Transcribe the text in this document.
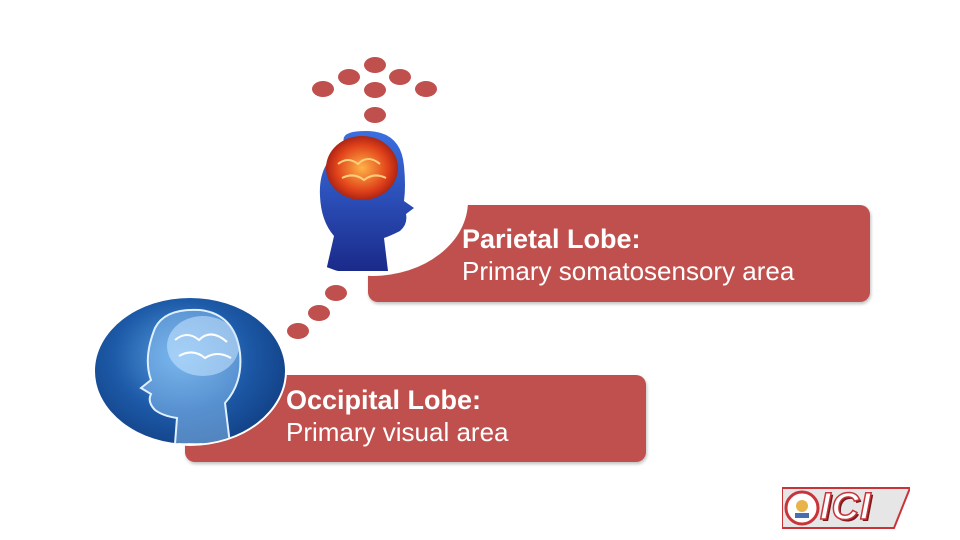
Parietal Lobe:
Primary somatosensory area
Occipital Lobe:
Primary visual area
ICI
